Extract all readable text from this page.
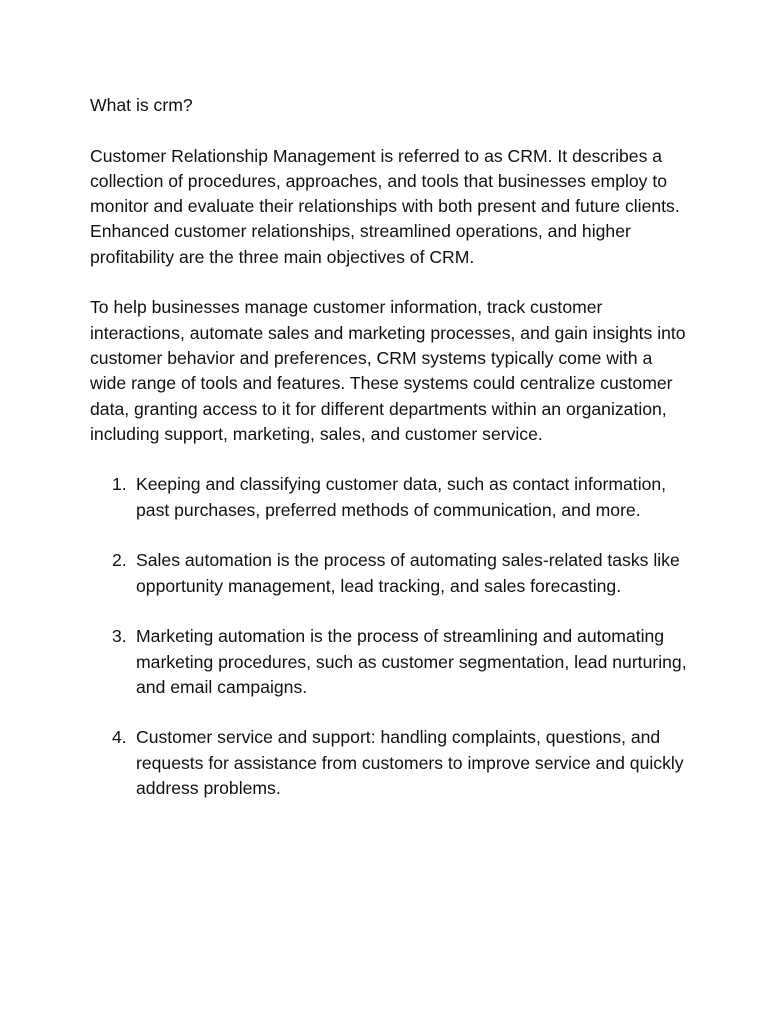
What is crm?

Customer Relationship Management is referred to as CRM. It describes a collection of procedures, approaches, and tools that businesses employ to monitor and evaluate their relationships with both present and future clients. Enhanced customer relationships, streamlined operations, and higher profitability are the three main objectives of CRM.

To help businesses manage customer information, track customer interactions, automate sales and marketing processes, and gain insights into customer behavior and preferences, CRM systems typically come with a wide range of tools and features. These systems could centralize customer data, granting access to it for different departments within an organization, including support, marketing, sales, and customer service.

1. Keeping and classifying customer data, such as contact information, past purchases, preferred methods of communication, and more.
2. Sales automation is the process of automating sales-related tasks like opportunity management, lead tracking, and sales forecasting.
3. Marketing automation is the process of streamlining and automating marketing procedures, such as customer segmentation, lead nurturing, and email campaigns.
4. Customer service and support: handling complaints, questions, and requests for assistance from customers to improve service and quickly address problems.
